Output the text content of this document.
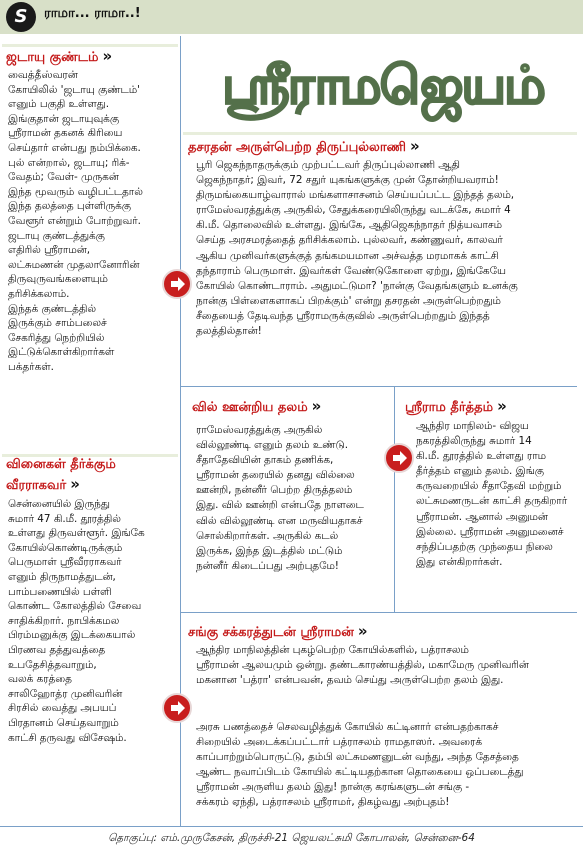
S	ராமா... ராமா..!
ஸ்ரீராமஜெயம்
ஜடாயு குண்டம் »
வைத்தீஸ்வரன்
கோயிலில் 'ஜடாயு குண்டம்'
எனும் பகுதி உள்ளது.
இங்குதான் ஜடாயுவுக்கு
ஸ்ரீராமன் தகனக் கிரியை
செய்தார் என்பது நம்பிக்கை.
புல் என்றால், ஜடாயு; ரிக்-
வேதம்; வேள்- முருகன்
இந்த மூவரும் வழிபட்டதால்
இந்த தலத்தை புள்ளிருக்கு
வேளூர் என்றும் போற்றுவர்.
ஜடாயு குண்டத்துக்கு
எதிரில் ஸ்ரீராமன்,
லட்சுமணன் முதலானோரின்
திருவுருவங்களையும்
தரிசிக்கலாம்.
இந்தக் குண்டத்தில்
இருக்கும் சாம்பலைச்
சேகரித்து நெற்றியில்
இட்டுக்கொள்கிறார்கள்
பக்தர்கள்.
வினைகள் தீர்க்கும்
வீரராகவர் »
சென்னையில் இருந்து
சுமார் 47 கி.மீ. தூரத்தில்
உள்ளது திருவள்ளூர். இங்கே
கோயில்கொண்டிருக்கும்
பெருமாள் ஸ்ரீவீரராகவர்
எனும் திருநாமத்துடன்,
பாம்பணையில் பள்ளி
கொண்ட கோலத்தில் சேவை
சாதிக்கிறார். நாபிக்கமல
பிரம்மனுக்கு இடக்கையால்
பிரணவ தத்துவத்தை
உபதேசித்தவாறும்,
வலக் கரத்தை
சாலிஹோத்ர முனிவரின்
சிரசில் வைத்து அபயப்
பிரதானம் செய்தவாறும்
காட்சி தருவது விசேஷம்.
தசரதன் அருள்பெற்ற திருப்புல்லாணி »
பூரி ஜெகந்நாதருக்கும் முற்பட்டவர் திருப்புல்லாணி ஆதி
ஜெகந்நாதர்; இவர், 72 சதுர் யுகங்களுக்கு முன் தோன்றியவராம்!
திருமங்கையாழ்வாரால் மங்களாசாசனம் செய்யப்பட்ட இந்தத் தலம்,
ராமேஸ்வரத்துக்கு அருகில், சேதுக்கரையிலிருந்து வடக்கே, சுமார் 4
கி.மீ. தொலைவில் உள்ளது. இங்கே, ஆதிஜெகந்நாதர் நித்யவாசம்
செய்த அரசமரத்தைத் தரிசிக்கலாம். புல்லவர், கண்ணுவர், காலவர்
ஆகிய முனிவர்களுக்குத் தங்கமயமான அச்வத்த மரமாகக் காட்சி
தந்தாராம் பெருமாள். இவர்கள் வேண்டுகோளை ஏற்று, இங்கேயே
கோயில் கொண்டாராம். அதுமட்டுமா? 'நான்கு வேதங்களும் உனக்கு
நான்கு பிள்ளைகளாகப் பிறக்கும்' என்று தசரதன் அருள்பெற்றதும்
சீதையைத் தேடிவந்த ஸ்ரீராமருக்குவில் அருள்பெற்றதும் இந்தத்
தலத்தில்தான்!
வில் ஊன்றிய தலம் »
ராமேஸ்வரத்துக்கு அருகில்
வில்லூண்டி எனும் தலம் உண்டு.
சீதாதேவியின் தாகம் தணிக்க,
ஸ்ரீராமன் தரையில் தனது வில்லை
ஊன்றி, நன்னீர் பெற்ற திருத்தலம்
இது. வில் ஊன்றி என்பதே நாளடை
வில் வில்லூண்டி என மருவியதாகச்
சொல்கிறார்கள். அருகில் கடல்
இருக்க, இந்த இடத்தில் மட்டும்
நன்னீர் கிடைப்பது அற்புதமே!
ஸ்ரீராம தீர்த்தம் »
ஆந்திர மாநிலம்- விஜய
நகரத்திலிருந்து சுமார் 14
கி.மீ. தூரத்தில் உள்ளது ராம
தீர்த்தம் எனும் தலம். இங்கு
கருவறையில் சீதாதேவி மற்றும்
லட்சுமணருடன் காட்சி தருகிறார்
ஸ்ரீராமன். ஆனால் அனுமன்
இல்லை. ஸ்ரீராமன் அனுமனைச்
சந்திப்பதற்கு முந்தைய நிலை
இது என்கிறார்கள்.
சங்கு சக்கரத்துடன் ஸ்ரீராமன் »
ஆந்திர மாநிலத்தின் புகழ்பெற்ற கோயில்களில், பத்ராசலம்
ஸ்ரீராமன் ஆலயமும் ஒன்று. தண்டகாரண்யத்தில், மகாமேரு முனிவரின்
மகனான 'பத்ரா' என்பவன், தவம் செய்து அருள்பெற்ற தலம் இது.
அரசு பணத்தைச் செலவழித்துக் கோயில் கட்டினார் என்பதற்காகச்
சிறையில் அடைக்கப்பட்டார் பத்ராசலம் ராமதாஸர். அவரைக்
காப்பாற்றும்பொருட்டு, தம்பி லட்சுமணனுடன் வந்து, அந்த தேசத்தை
ஆண்ட நவாப்பிடம் கோயில் கட்டியதற்கான தொகையை ஒப்படைத்து
ஸ்ரீராமன் அருளிய தலம் இது! நான்கு கரங்களுடன் சங்கு -
சக்கரம் ஏந்தி, பத்ராசலம் ஸ்ரீராமர், திகழ்வது அற்புதம்!
தொகுப்பு: எம்.முருகேசன், திருச்சி-21 ஜெயலட்சுமி கோபாலன், சென்னை-64
